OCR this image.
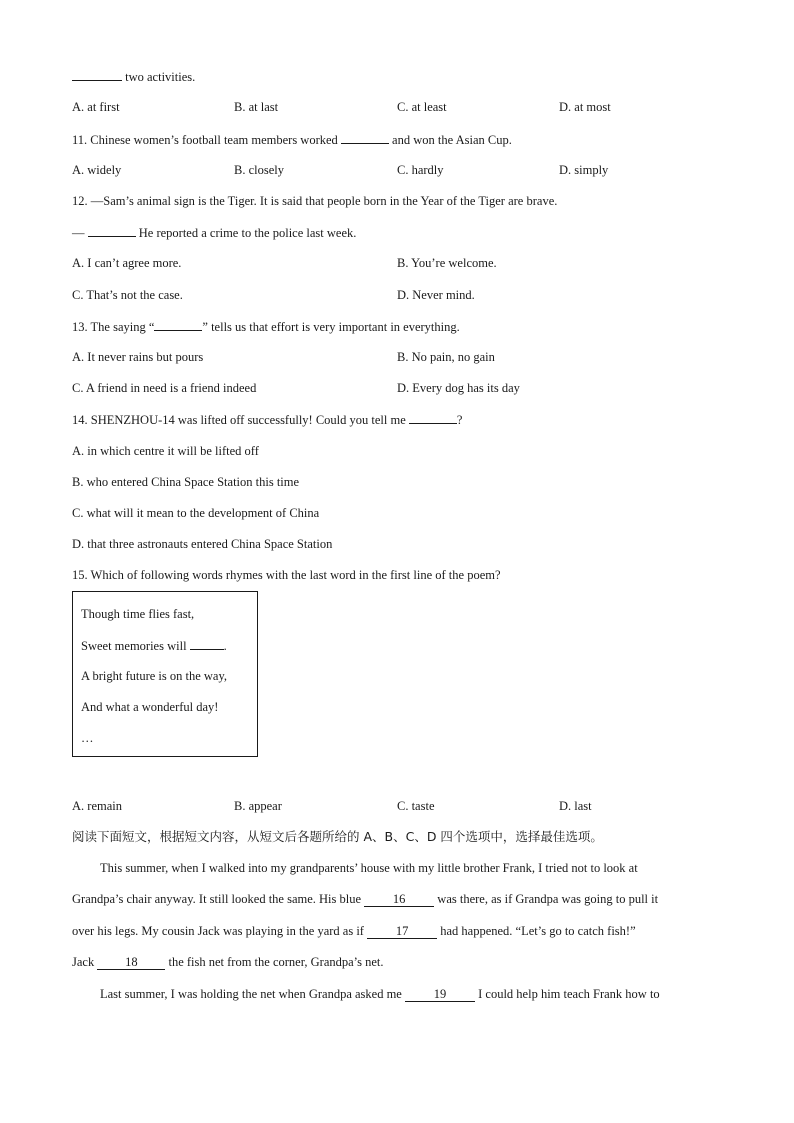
two activities.
A. at first	B. at last	C. at least	D. at most
11. Chinese women’s football team members worked	and won the Asian Cup.
A. widely	B. closely	C. hardly	D. simply
12. —Sam’s animal sign is the Tiger. It is said that people born in the Year of the Tiger are brave.
—	He reported a crime to the police last week.
A. I can’t agree more.	B. You’re welcome.
C. That’s not the case.	D. Never mind.
13. The saying “	” tells us that effort is very important in everything.
A. It never rains but pours	B. No pain, no gain
C. A friend in need is a friend indeed	D. Every dog has its day
14. SHENZHOU-14 was lifted off successfully! Could you tell me	?
A. in which centre it will be lifted off
B. who entered China Space Station this time
C. what will it mean to the development of China
D. that three astronauts entered China Space Station
15. Which of following words rhymes with the last word in the first line of the poem?
Though time flies fast,
Sweet memories will	.
A bright future is on the way,
And what a wonderful day!
…
A. remain	B. appear	C. taste	D. last
阅读下面短文，根据短文内容，从短文后各题所给的 A、B、C、D 四个选项中，选择最佳选项。
This summer, when I walked into my grandparents’ house with my little brother Frank, I tried not to look at
Grandpa’s chair anyway. It still looked the same. His blue 16 was there, as if Grandpa was going to pull it
over his legs. My cousin Jack was playing in the yard as if 17 had happened. “Let’s go to catch fish!”
Jack 18 the fish net from the corner, Grandpa’s net.
Last summer, I was holding the net when Grandpa asked me 19 I could help him teach Frank how to
